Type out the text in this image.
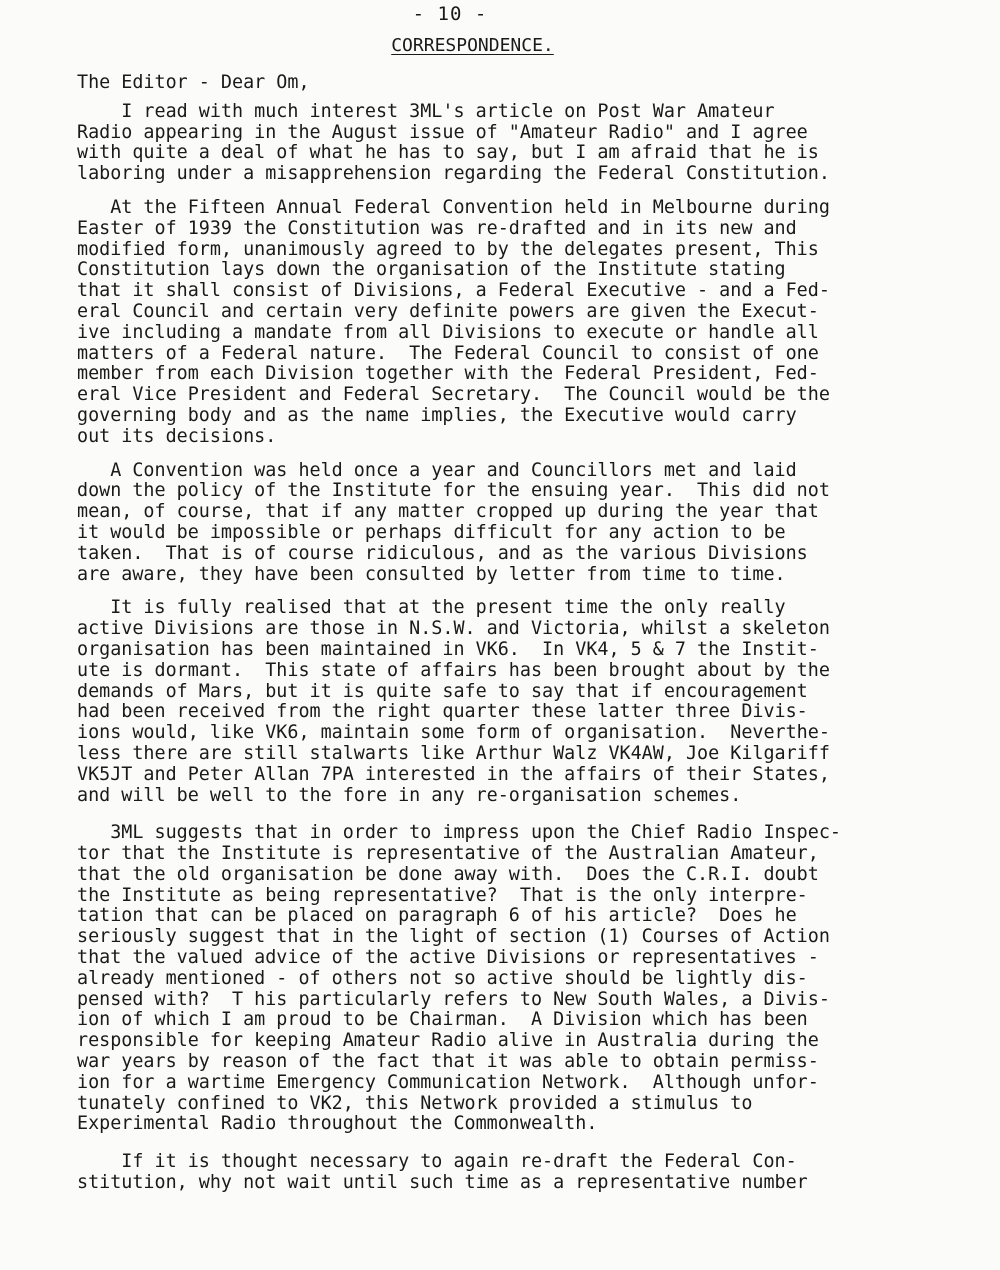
- 10 -
CORRESPONDENCE.
The Editor - Dear Om,
I read with much interest 3ML's article on Post War Amateur
Radio appearing in the August issue of "Amateur Radio" and I agree
with quite a deal of what he has to say, but I am afraid that he is
laboring under a misapprehension regarding the Federal Constitution.
At the Fifteen Annual Federal Convention held in Melbourne during
Easter of 1939 the Constitution was re-drafted and in its new and
modified form, unanimously agreed to by the delegates present, This
Constitution lays down the organisation of the Institute stating
that it shall consist of Divisions, a Federal Executive - and a Fed-
eral Council and certain very definite powers are given the Execut-
ive including a mandate from all Divisions to execute or handle all
matters of a Federal nature.  The Federal Council to consist of one
member from each Division together with the Federal President, Fed-
eral Vice President and Federal Secretary.  The Council would be the
governing body and as the name implies, the Executive would carry
out its decisions.
A Convention was held once a year and Councillors met and laid
down the policy of the Institute for the ensuing year.  This did not
mean, of course, that if any matter cropped up during the year that
it would be impossible or perhaps difficult for any action to be
taken.  That is of course ridiculous, and as the various Divisions
are aware, they have been consulted by letter from time to time.
It is fully realised that at the present time the only really
active Divisions are those in N.S.W. and Victoria, whilst a skeleton
organisation has been maintained in VK6.  In VK4, 5 & 7 the Instit-
ute is dormant.  This state of affairs has been brought about by the
demands of Mars, but it is quite safe to say that if encouragement
had been received from the right quarter these latter three Divis-
ions would, like VK6, maintain some form of organisation.  Neverthe-
less there are still stalwarts like Arthur Walz VK4AW, Joe Kilgariff
VK5JT and Peter Allan 7PA interested in the affairs of their States,
and will be well to the fore in any re-organisation schemes.
3ML suggests that in order to impress upon the Chief Radio Inspec-
tor that the Institute is representative of the Australian Amateur,
that the old organisation be done away with.  Does the C.R.I. doubt
the Institute as being representative?  That is the only interpre-
tation that can be placed on paragraph 6 of his article?  Does he
seriously suggest that in the light of section (1) Courses of Action
that the valued advice of the active Divisions or representatives -
already mentioned - of others not so active should be lightly dis-
pensed with?  T his particularly refers to New South Wales, a Divis-
ion of which I am proud to be Chairman.  A Division which has been
responsible for keeping Amateur Radio alive in Australia during the
war years by reason of the fact that it was able to obtain permiss-
ion for a wartime Emergency Communication Network.  Although unfor-
tunately confined to VK2, this Network provided a stimulus to
Experimental Radio throughout the Commonwealth.
If it is thought necessary to again re-draft the Federal Con-
stitution, why not wait until such time as a representative number
